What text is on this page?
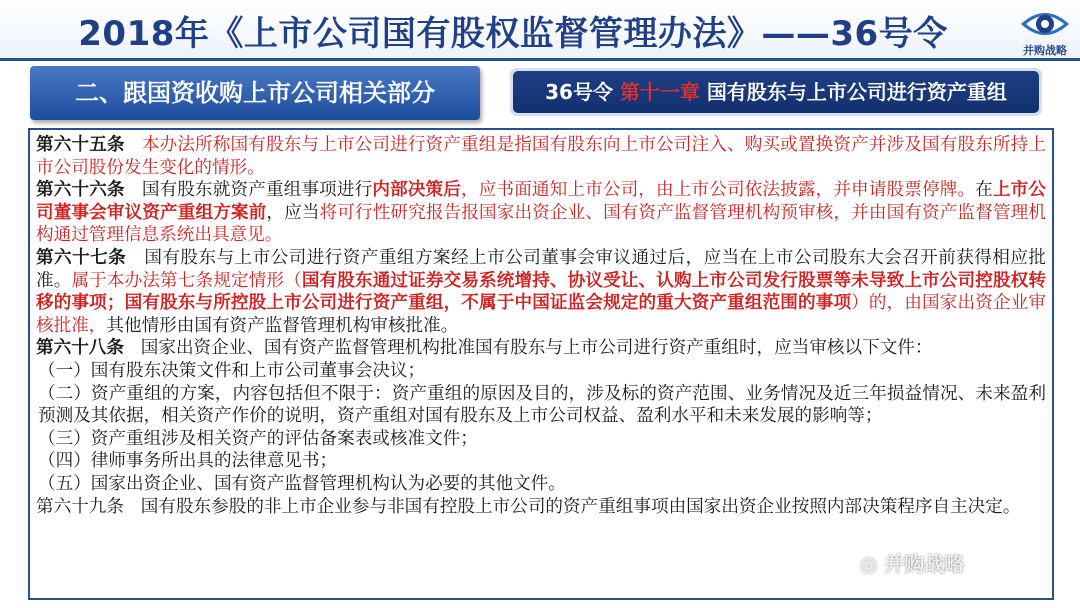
2018年《上市公司国有股权监督管理办法》——36号令	并购战略
二、跟国资收购上市公司相关部分	36号令 第十一章 国有股东与上市公司进行资产重组

第六十五条 本办法所称国有股东与上市公司进行资产重组是指国有股东向上市公司注入、购买或置换资产并涉及国有股东所持上市公司股份发生变化的情形。

第六十六条 国有股东就资产重组事项进行内部决策后，应书面通知上市公司，由上市公司依法披露，并申请股票停牌。在上市公司董事会审议资产重组方案前，应当将可行性研究报告报国家出资企业、国有资产监督管理机构预审核，并由国有资产监督管理机构通过管理信息系统出具意见。

第六十七条 国有股东与上市公司进行资产重组方案经上市公司董事会审议通过后，应当在上市公司股东大会召开前获得相应批准。属于本办法第七条规定情形（国有股东通过证券交易系统增持、协议受让、认购上市公司发行股票等未导致上市公司控股权转移的事项；国有股东与所控股上市公司进行资产重组，不属于中国证监会规定的重大资产重组范围的事项）的，由国家出资企业审核批准，其他情形由国有资产监督管理机构审核批准。

第六十八条 国家出资企业、国有资产监督管理机构批准国有股东与上市公司进行资产重组时，应当审核以下文件：

（一）国有股东决策文件和上市公司董事会决议；

（二）资产重组的方案，内容包括但不限于：资产重组的原因及目的，涉及标的资产范围、业务情况及近三年损益情况、未来盈利预测及其依据，相关资产作价的说明，资产重组对国有股东及上市公司权益、盈利水平和未来发展的影响等；

（三）资产重组涉及相关资产的评估备案表或核准文件；

（四）律师事务所出具的法律意见书；

（五）国家出资企业、国有资产监督管理机构认为必要的其他文件。

第六十九条 国有股东参股的非上市企业参与非国有控股上市公司的资产重组事项由国家出资企业按照内部决策程序自主决定。

◎ 并购战略
